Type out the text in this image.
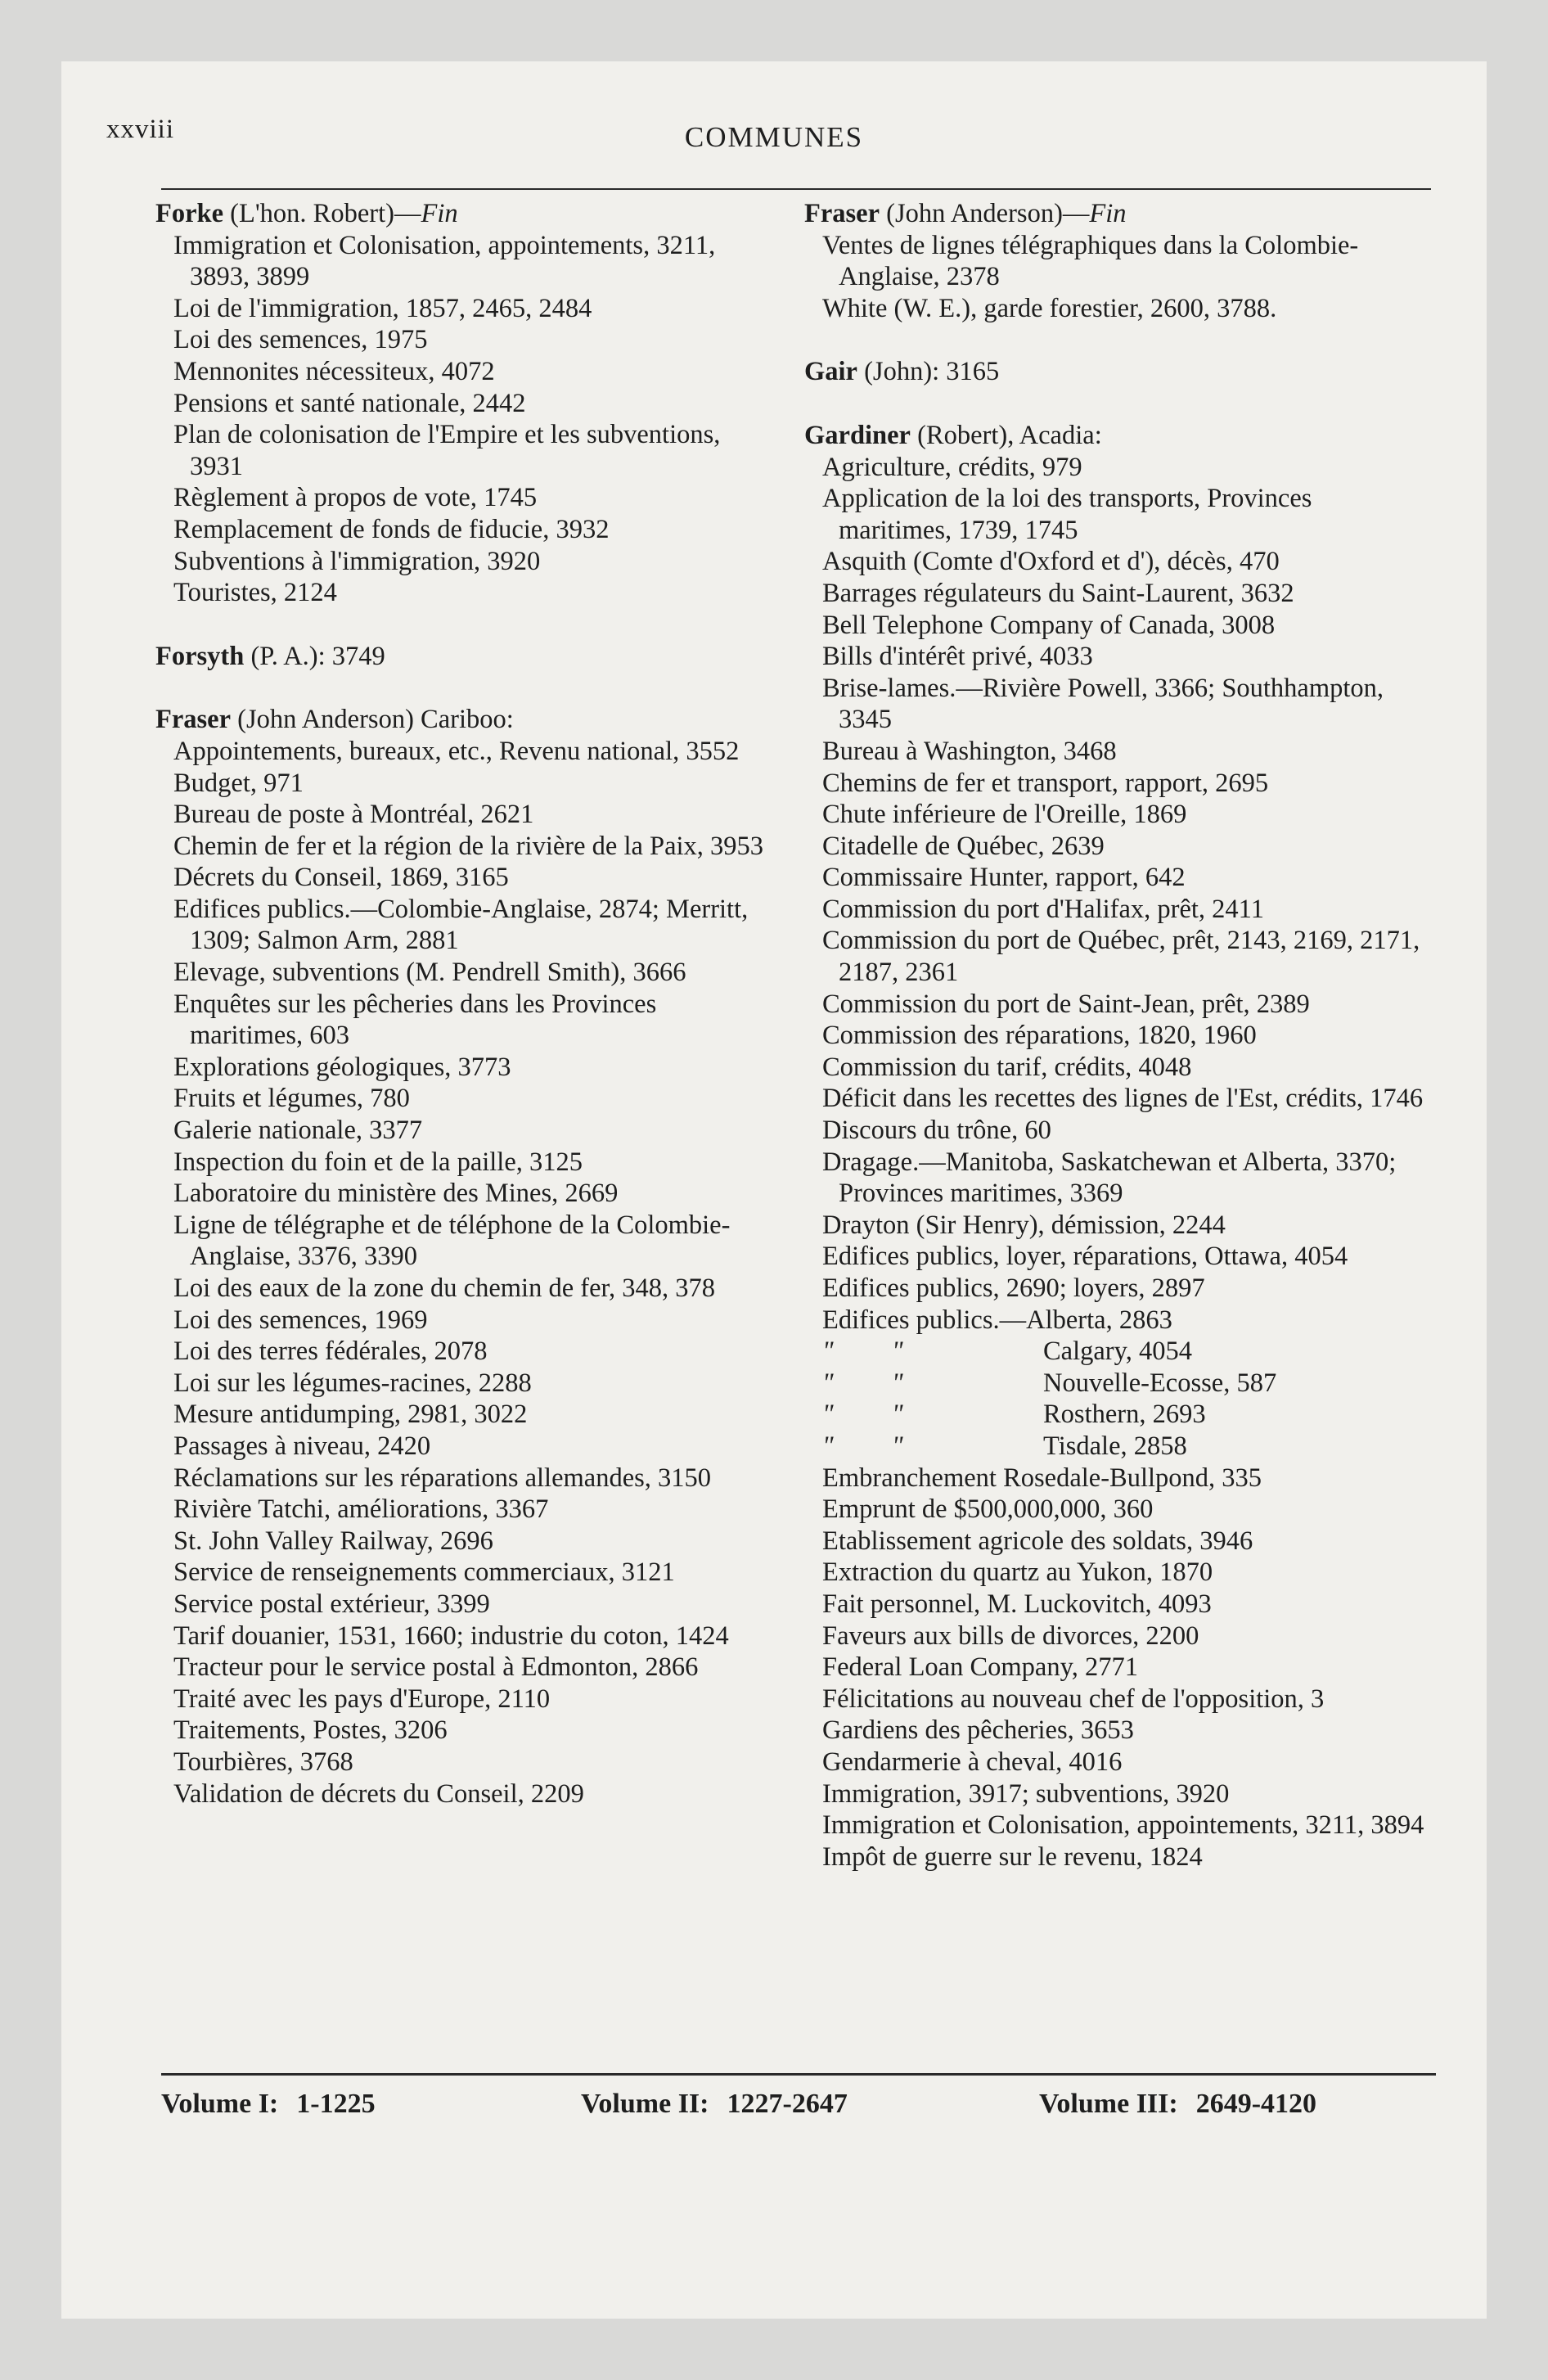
xxviii	COMMUNES
Forke (L'hon. Robert)—Fin
Immigration et Colonisation, appointements, 3211, 3893, 3899
Loi de l'immigration, 1857, 2465, 2484
Loi des semences, 1975
Mennonites nécessiteux, 4072
Pensions et santé nationale, 2442
Plan de colonisation de l'Empire et les subventions, 3931
Règlement à propos de vote, 1745
Remplacement de fonds de fiducie, 3932
Subventions à l'immigration, 3920
Touristes, 2124
Forsyth (P. A.): 3749
Fraser (John Anderson) Cariboo:
Appointements, bureaux, etc., Revenu national, 3552
Budget, 971
Bureau de poste à Montréal, 2621
Chemin de fer et la région de la rivière de la Paix, 3953
Décrets du Conseil, 1869, 3165
Edifices publics.—Colombie-Anglaise, 2874; Merritt, 1309; Salmon Arm, 2881
Elevage, subventions (M. Pendrell Smith), 3666
Enquêtes sur les pêcheries dans les Provinces maritimes, 603
Explorations géologiques, 3773
Fruits et légumes, 780
Galerie nationale, 3377
Inspection du foin et de la paille, 3125
Laboratoire du ministère des Mines, 2669
Ligne de télégraphe et de téléphone de la Colombie-Anglaise, 3376, 3390
Loi des eaux de la zone du chemin de fer, 348, 378
Loi des semences, 1969
Loi des terres fédérales, 2078
Loi sur les légumes-racines, 2288
Mesure antidumping, 2981, 3022
Passages à niveau, 2420
Réclamations sur les réparations allemandes, 3150
Rivière Tatchi, améliorations, 3367
St. John Valley Railway, 2696
Service de renseignements commerciaux, 3121
Service postal extérieur, 3399
Tarif douanier, 1531, 1660; industrie du coton, 1424
Tracteur pour le service postal à Edmonton, 2866
Traité avec les pays d'Europe, 2110
Traitements, Postes, 3206
Tourbières, 3768
Validation de décrets du Conseil, 2209
Fraser (John Anderson)—Fin
Ventes de lignes télégraphiques dans la Colombie-Anglaise, 2378
White (W. E.), garde forestier, 2600, 3788.
Gair (John): 3165
Gardiner (Robert), Acadia:
Agriculture, crédits, 979
Application de la loi des transports, Provinces maritimes, 1739, 1745
Asquith (Comte d'Oxford et d'), décès, 470
Barrages régulateurs du Saint-Laurent, 3632
Bell Telephone Company of Canada, 3008
Bills d'intérêt privé, 4033
Brise-lames.—Rivière Powell, 3366; Southhampton, 3345
Bureau à Washington, 3468
Chemins de fer et transport, rapport, 2695
Chute inférieure de l'Oreille, 1869
Citadelle de Québec, 2639
Commissaire Hunter, rapport, 642
Commission du port d'Halifax, prêt, 2411
Commission du port de Québec, prêt, 2143, 2169, 2171, 2187, 2361
Commission du port de Saint-Jean, prêt, 2389
Commission des réparations, 1820, 1960
Commission du tarif, crédits, 4048
Déficit dans les recettes des lignes de l'Est, crédits, 1746
Discours du trône, 60
Dragage.—Manitoba, Saskatchewan et Alberta, 3370; Provinces maritimes, 3369
Drayton (Sir Henry), démission, 2244
Edifices publics, loyer, réparations, Ottawa, 4054
Edifices publics, 2690; loyers, 2897
Edifices publics.—Alberta, 2863
"	"	Calgary, 4054
"	"	Nouvelle-Ecosse, 587
"	"	Rosthern, 2693
"	"	Tisdale, 2858
Embranchement Rosedale-Bullpond, 335
Emprunt de $500,000,000, 360
Etablissement agricole des soldats, 3946
Extraction du quartz au Yukon, 1870
Fait personnel, M. Luckovitch, 4093
Faveurs aux bills de divorces, 2200
Federal Loan Company, 2771
Félicitations au nouveau chef de l'opposition, 3
Gardiens des pêcheries, 3653
Gendarmerie à cheval, 4016
Immigration, 3917; subventions, 3920
Immigration et Colonisation, appointements, 3211, 3894
Impôt de guerre sur le revenu, 1824
Volume I: 1-1225	Volume II: 1227-2647	Volume III: 2649-4120
